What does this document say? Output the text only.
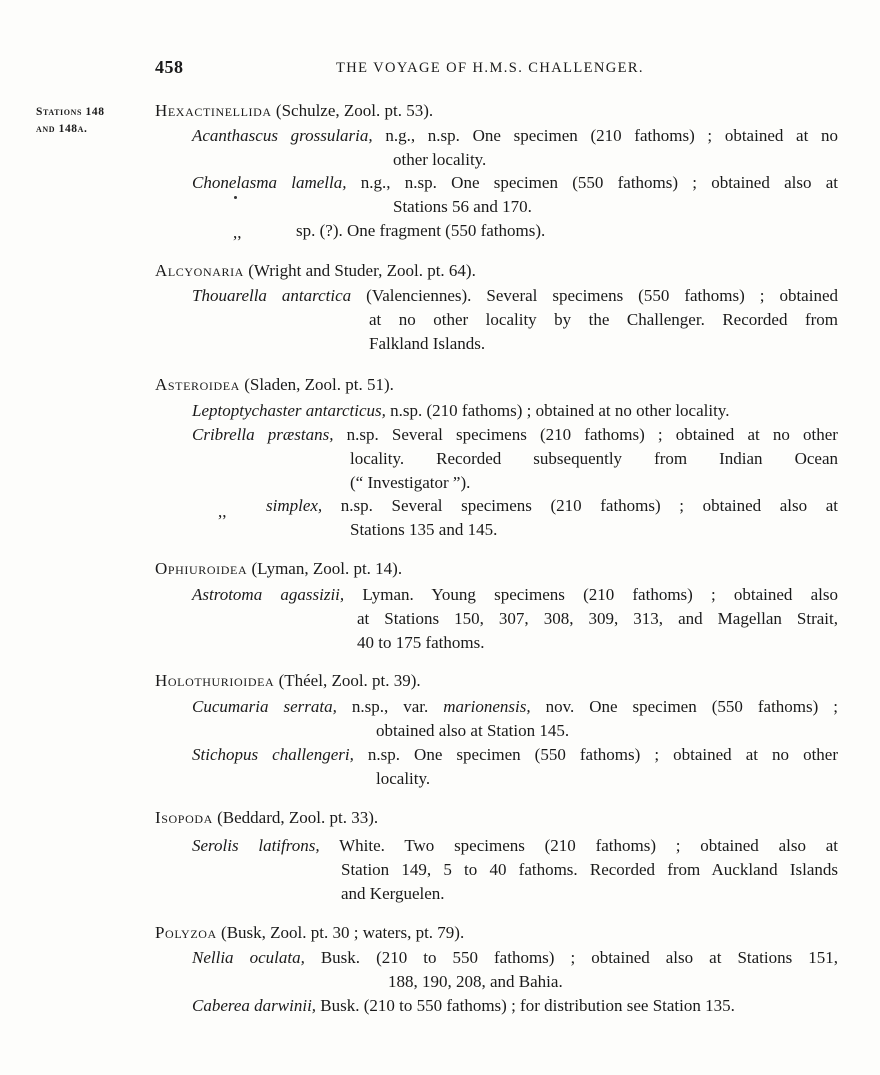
458	THE VOYAGE OF H.M.S. CHALLENGER.
Stations 148
and 148a.
Hexactinellida (Schulze, Zool. pt. 53).
Acanthascus grossularia, n.g., n.sp. One specimen (210 fathoms) ; obtained at no
other locality.
Chonelasma lamella, n.g., n.sp. One specimen (550 fathoms) ; obtained also at
Stations 56 and 170.
,,	sp. (?). One fragment (550 fathoms).
Alcyonaria (Wright and Studer, Zool. pt. 64).
Thouarella antarctica (Valenciennes). Several specimens (550 fathoms) ; obtained
at no other locality by the Challenger. Recorded from
Falkland Islands.
Asteroidea (Sladen, Zool. pt. 51).
Leptoptychaster antarcticus, n.sp. (210 fathoms) ; obtained at no other locality.
Cribrella præstans, n.sp. Several specimens (210 fathoms) ; obtained at no other
locality. Recorded subsequently from Indian Ocean
(“ Investigator ”).
,, simplex, n.sp. Several specimens (210 fathoms) ; obtained also at
Stations 135 and 145.
Ophiuroidea (Lyman, Zool. pt. 14).
Astrotoma agassizii, Lyman. Young specimens (210 fathoms) ; obtained also
at Stations 150, 307, 308, 309, 313, and Magellan Strait,
40 to 175 fathoms.
Holothurioidea (Théel, Zool. pt. 39).
Cucumaria serrata, n.sp., var. marionensis, nov. One specimen (550 fathoms) ;
obtained also at Station 145.
Stichopus challengeri, n.sp. One specimen (550 fathoms) ; obtained at no other
locality.
Isopoda (Beddard, Zool. pt. 33).
Serolis latifrons, White. Two specimens (210 fathoms) ; obtained also at
Station 149, 5 to 40 fathoms. Recorded from Auckland Islands
and Kerguelen.
Polyzoa (Busk, Zool. pt. 30 ; waters, pt. 79).
Nellia oculata, Busk. (210 to 550 fathoms) ; obtained also at Stations 151,
188, 190, 208, and Bahia.
Caberea darwinii, Busk. (210 to 550 fathoms) ; for distribution see Station 135.
